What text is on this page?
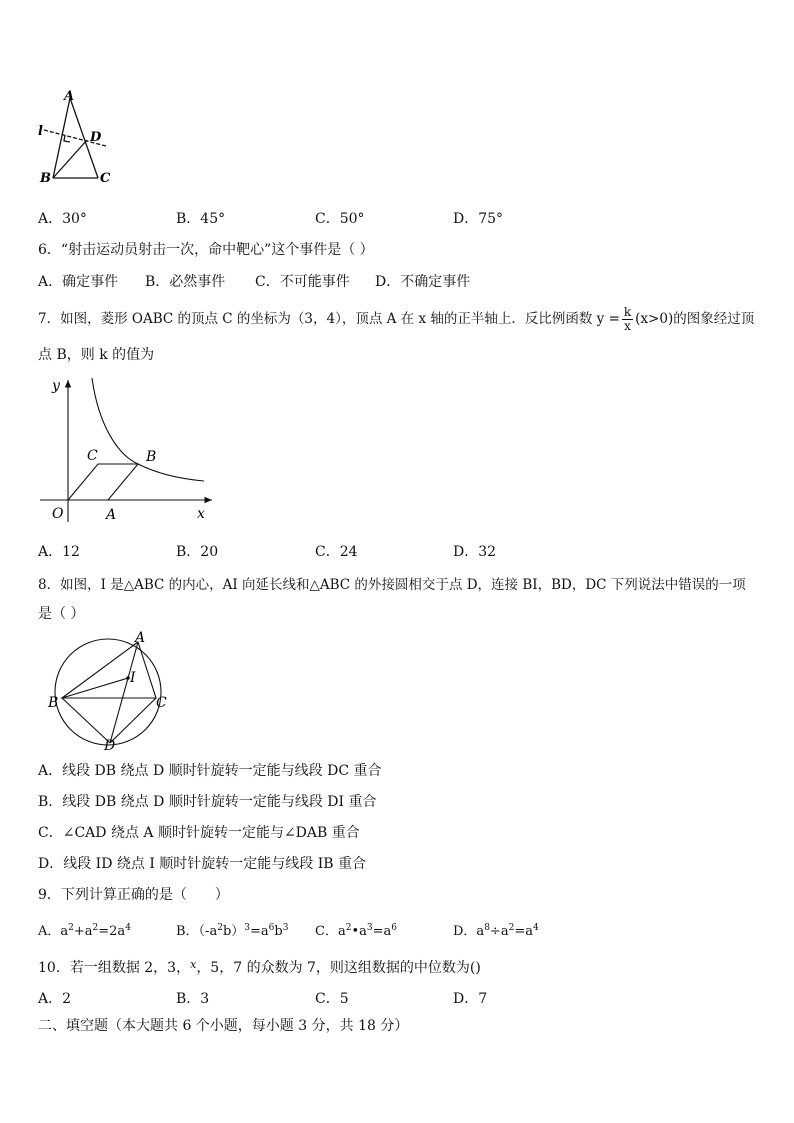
A
l	D
B	C
A．30°	B．45°	C．50°	D．75°
6．“射击运动员射击一次，命中靶心”这个事件是（ ）
A．确定事件 B．必然事件 C．不可能事件 D．不确定事件
7．如图，菱形 OABC 的顶点 C 的坐标为（3，4），顶点 A 在 x 轴的正半轴上．反比例函数 $y = \frac{k}{x} (x>0)$的图象经过顶
点 B，则 k 的值为
y
C	B
O	A	x
A．12	B．20	C．24	D．32
8．如图，I 是△ABC 的内心，AI 向延长线和△ABC 的外接圆相交于点 D，连接 BI，BD，DC 下列说法中错误的一项
是（ ）
A
I
B	C
D
A．线段 DB 绕点 D 顺时针旋转一定能与线段 DC 重合
B．线段 DB 绕点 D 顺时针旋转一定能与线段 DI 重合
C．∠CAD 绕点 A 顺时针旋转一定能与∠DAB 重合
D．线段 ID 绕点 I 顺时针旋转一定能与线段 IB 重合
9．下列计算正确的是（　　）
A．$a^2+a^2=2a^4$	B．$(-a^2b)^3=a^6b^3$ C．$a^2•a^3=a^6$	D．$a^8\div a^2=a^4$
10．若一组数据 2，3，$^x$，5，7 的众数为 7，则这组数据的中位数为()
A．2	B．3	C．5	D．7
二、填空题（本大题共 6 个小题，每小题 3 分，共 18 分）
